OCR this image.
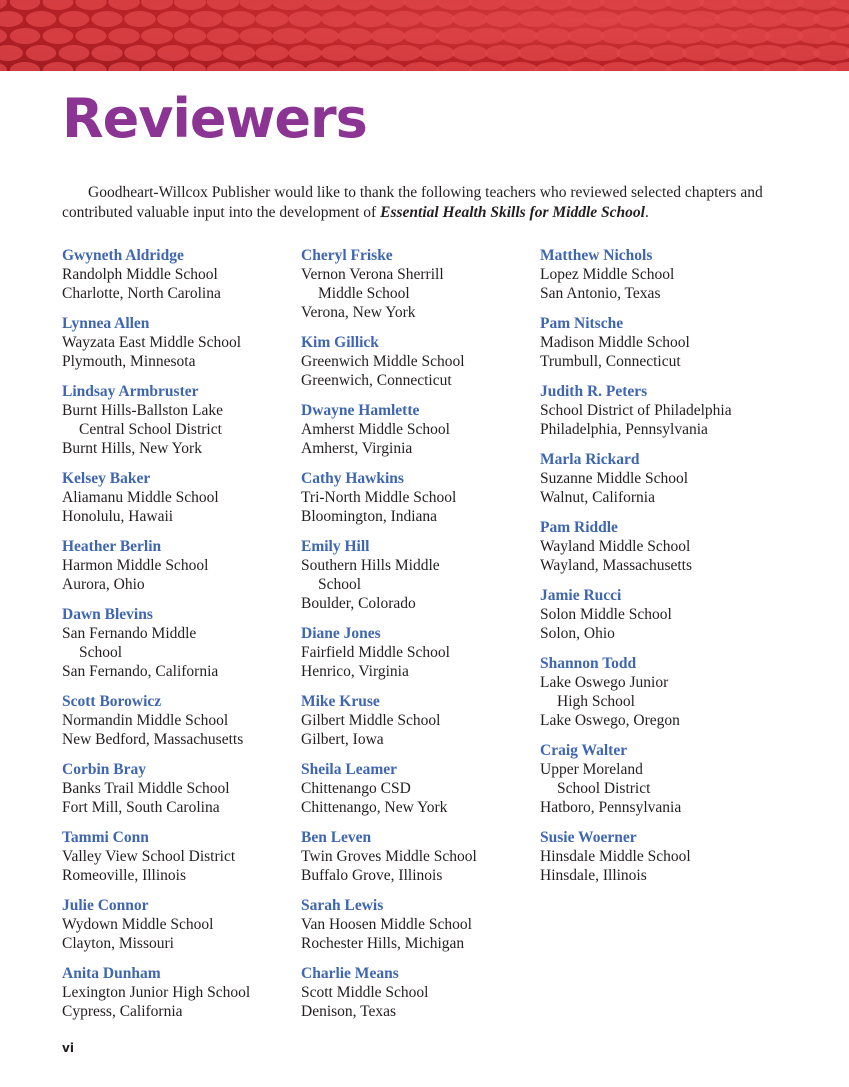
Reviewers

Goodheart-Willcox Publisher would like to thank the following teachers who reviewed selected chapters and contributed valuable input into the development of Essential Health Skills for Middle School.

Gwyneth Aldridge
Randolph Middle School
Charlotte, North Carolina
Lynnea Allen
Wayzata East Middle School
Plymouth, Minnesota
Lindsay Armbruster
Burnt Hills-Ballston Lake
Central School District
Burnt Hills, New York
Kelsey Baker
Aliamanu Middle School
Honolulu, Hawaii
Heather Berlin
Harmon Middle School
Aurora, Ohio
Dawn Blevins
San Fernando Middle
School
San Fernando, California
Scott Borowicz
Normandin Middle School
New Bedford, Massachusetts
Corbin Bray
Banks Trail Middle School
Fort Mill, South Carolina
Tammi Conn
Valley View School District
Romeoville, Illinois
Julie Connor
Wydown Middle School
Clayton, Missouri
Anita Dunham
Lexington Junior High School
Cypress, California
Cheryl Friske
Vernon Verona Sherrill
Middle School
Verona, New York
Kim Gillick
Greenwich Middle School
Greenwich, Connecticut
Dwayne Hamlette
Amherst Middle School
Amherst, Virginia
Cathy Hawkins
Tri-North Middle School
Bloomington, Indiana
Emily Hill
Southern Hills Middle
School
Boulder, Colorado
Diane Jones
Fairfield Middle School
Henrico, Virginia
Mike Kruse
Gilbert Middle School
Gilbert, Iowa
Sheila Leamer
Chittenango CSD
Chittenango, New York
Ben Leven
Twin Groves Middle School
Buffalo Grove, Illinois
Sarah Lewis
Van Hoosen Middle School
Rochester Hills, Michigan
Charlie Means
Scott Middle School
Denison, Texas
Matthew Nichols
Lopez Middle School
San Antonio, Texas
Pam Nitsche
Madison Middle School
Trumbull, Connecticut
Judith R. Peters
School District of Philadelphia
Philadelphia, Pennsylvania
Marla Rickard
Suzanne Middle School
Walnut, California
Pam Riddle
Wayland Middle School
Wayland, Massachusetts
Jamie Rucci
Solon Middle School
Solon, Ohio
Shannon Todd
Lake Oswego Junior
High School
Lake Oswego, Oregon
Craig Walter
Upper Moreland
School District
Hatboro, Pennsylvania
Susie Woerner
Hinsdale Middle School
Hinsdale, Illinois
vi
